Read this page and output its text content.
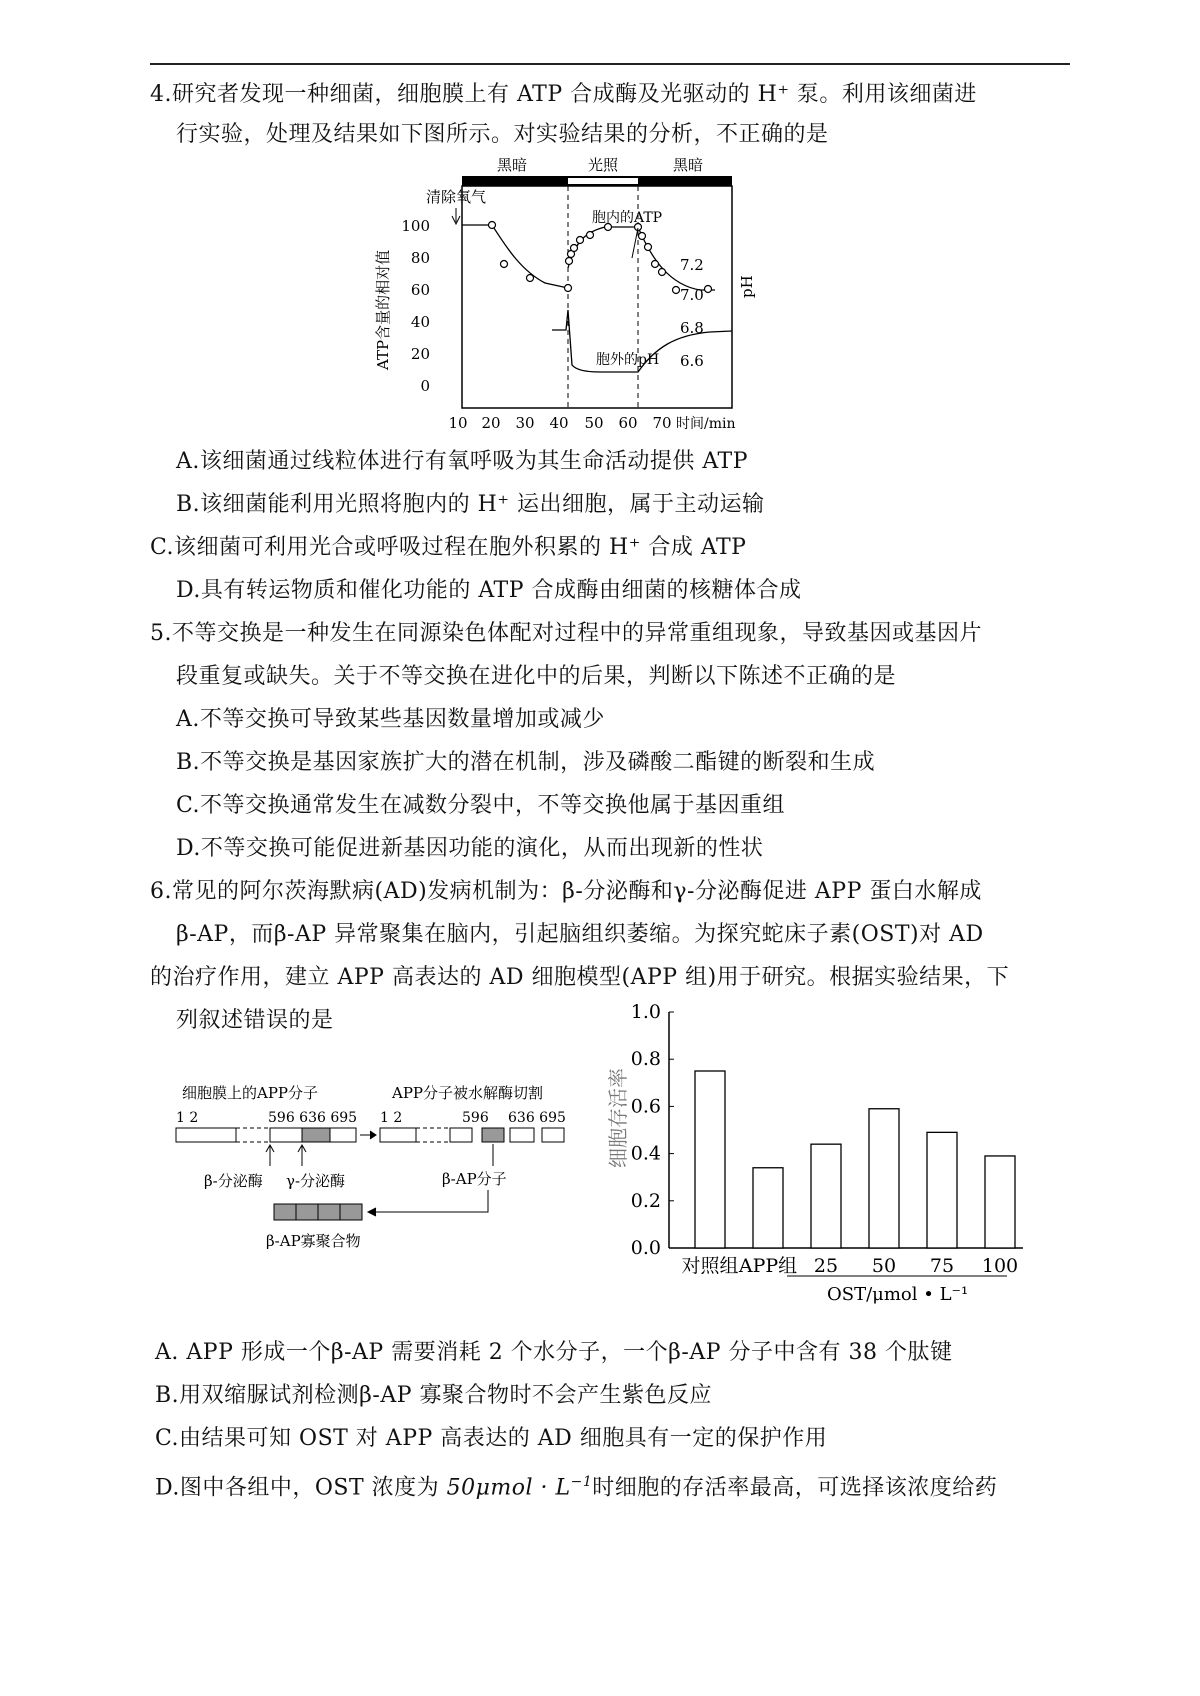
4.研究者发现一种细菌，细胞膜上有 ATP 合成酶及光驱动的 H⁺ 泵。利用该细菌进
行实验，处理及结果如下图所示。对实验结果的分析，不正确的是
黑暗	光照	黑暗
清除氧气
胞内的ATP
胞外的pH
100
80
60
40
20
0
7.2
7.0
6.8
6.6
10 20 30 40 50 60 70 时间/min
ATP含量的相对值	pH
A.该细菌通过线粒体进行有氧呼吸为其生命活动提供 ATP
B.该细菌能利用光照将胞内的 H⁺ 运出细胞，属于主动运输
C.该细菌可利用光合或呼吸过程在胞外积累的 H⁺ 合成 ATP
D.具有转运物质和催化功能的 ATP 合成酶由细菌的核糖体合成
5.不等交换是一种发生在同源染色体配对过程中的异常重组现象，导致基因或基因片
段重复或缺失。关于不等交换在进化中的后果，判断以下陈述不正确的是
A.不等交换可导致某些基因数量增加或减少
B.不等交换是基因家族扩大的潜在机制，涉及磷酸二酯键的断裂和生成
C.不等交换通常发生在减数分裂中，不等交换他属于基因重组
D.不等交换可能促进新基因功能的演化，从而出现新的性状
6.常见的阿尔茨海默病(AD)发病机制为：β-分泌酶和γ-分泌酶促进 APP 蛋白水解成
β-AP，而β-AP 异常聚集在脑内，引起脑组织萎缩。为探究蛇床子素(OST)对 AD
的治疗作用，建立 APP 高表达的 AD 细胞模型(APP 组)用于研究。根据实验结果，下
列叙述错误的是
细胞膜上的APP分子	APP分子被水解酶切割
1 2	596 636 695 1 2	596 636 695
β-分泌酶 γ-分泌酶	β-AP分子
β-AP寡聚合物
1.0
0.8
0.6
0.4
0.2
0.0
对照组 APP组 25 50 75 100
细胞存活率
OST/μmol • L⁻¹
A. APP 形成一个β-AP 需要消耗 2 个水分子，一个β-AP 分子中含有 38 个肽键
B.用双缩脲试剂检测β-AP 寡聚合物时不会产生紫色反应
C.由结果可知 OST 对 APP 高表达的 AD 细胞具有一定的保护作用
D.图中各组中，OST 浓度为 $50\mu mol \cdot L^{-1}$时细胞的存活率最高，可选择该浓度给药
